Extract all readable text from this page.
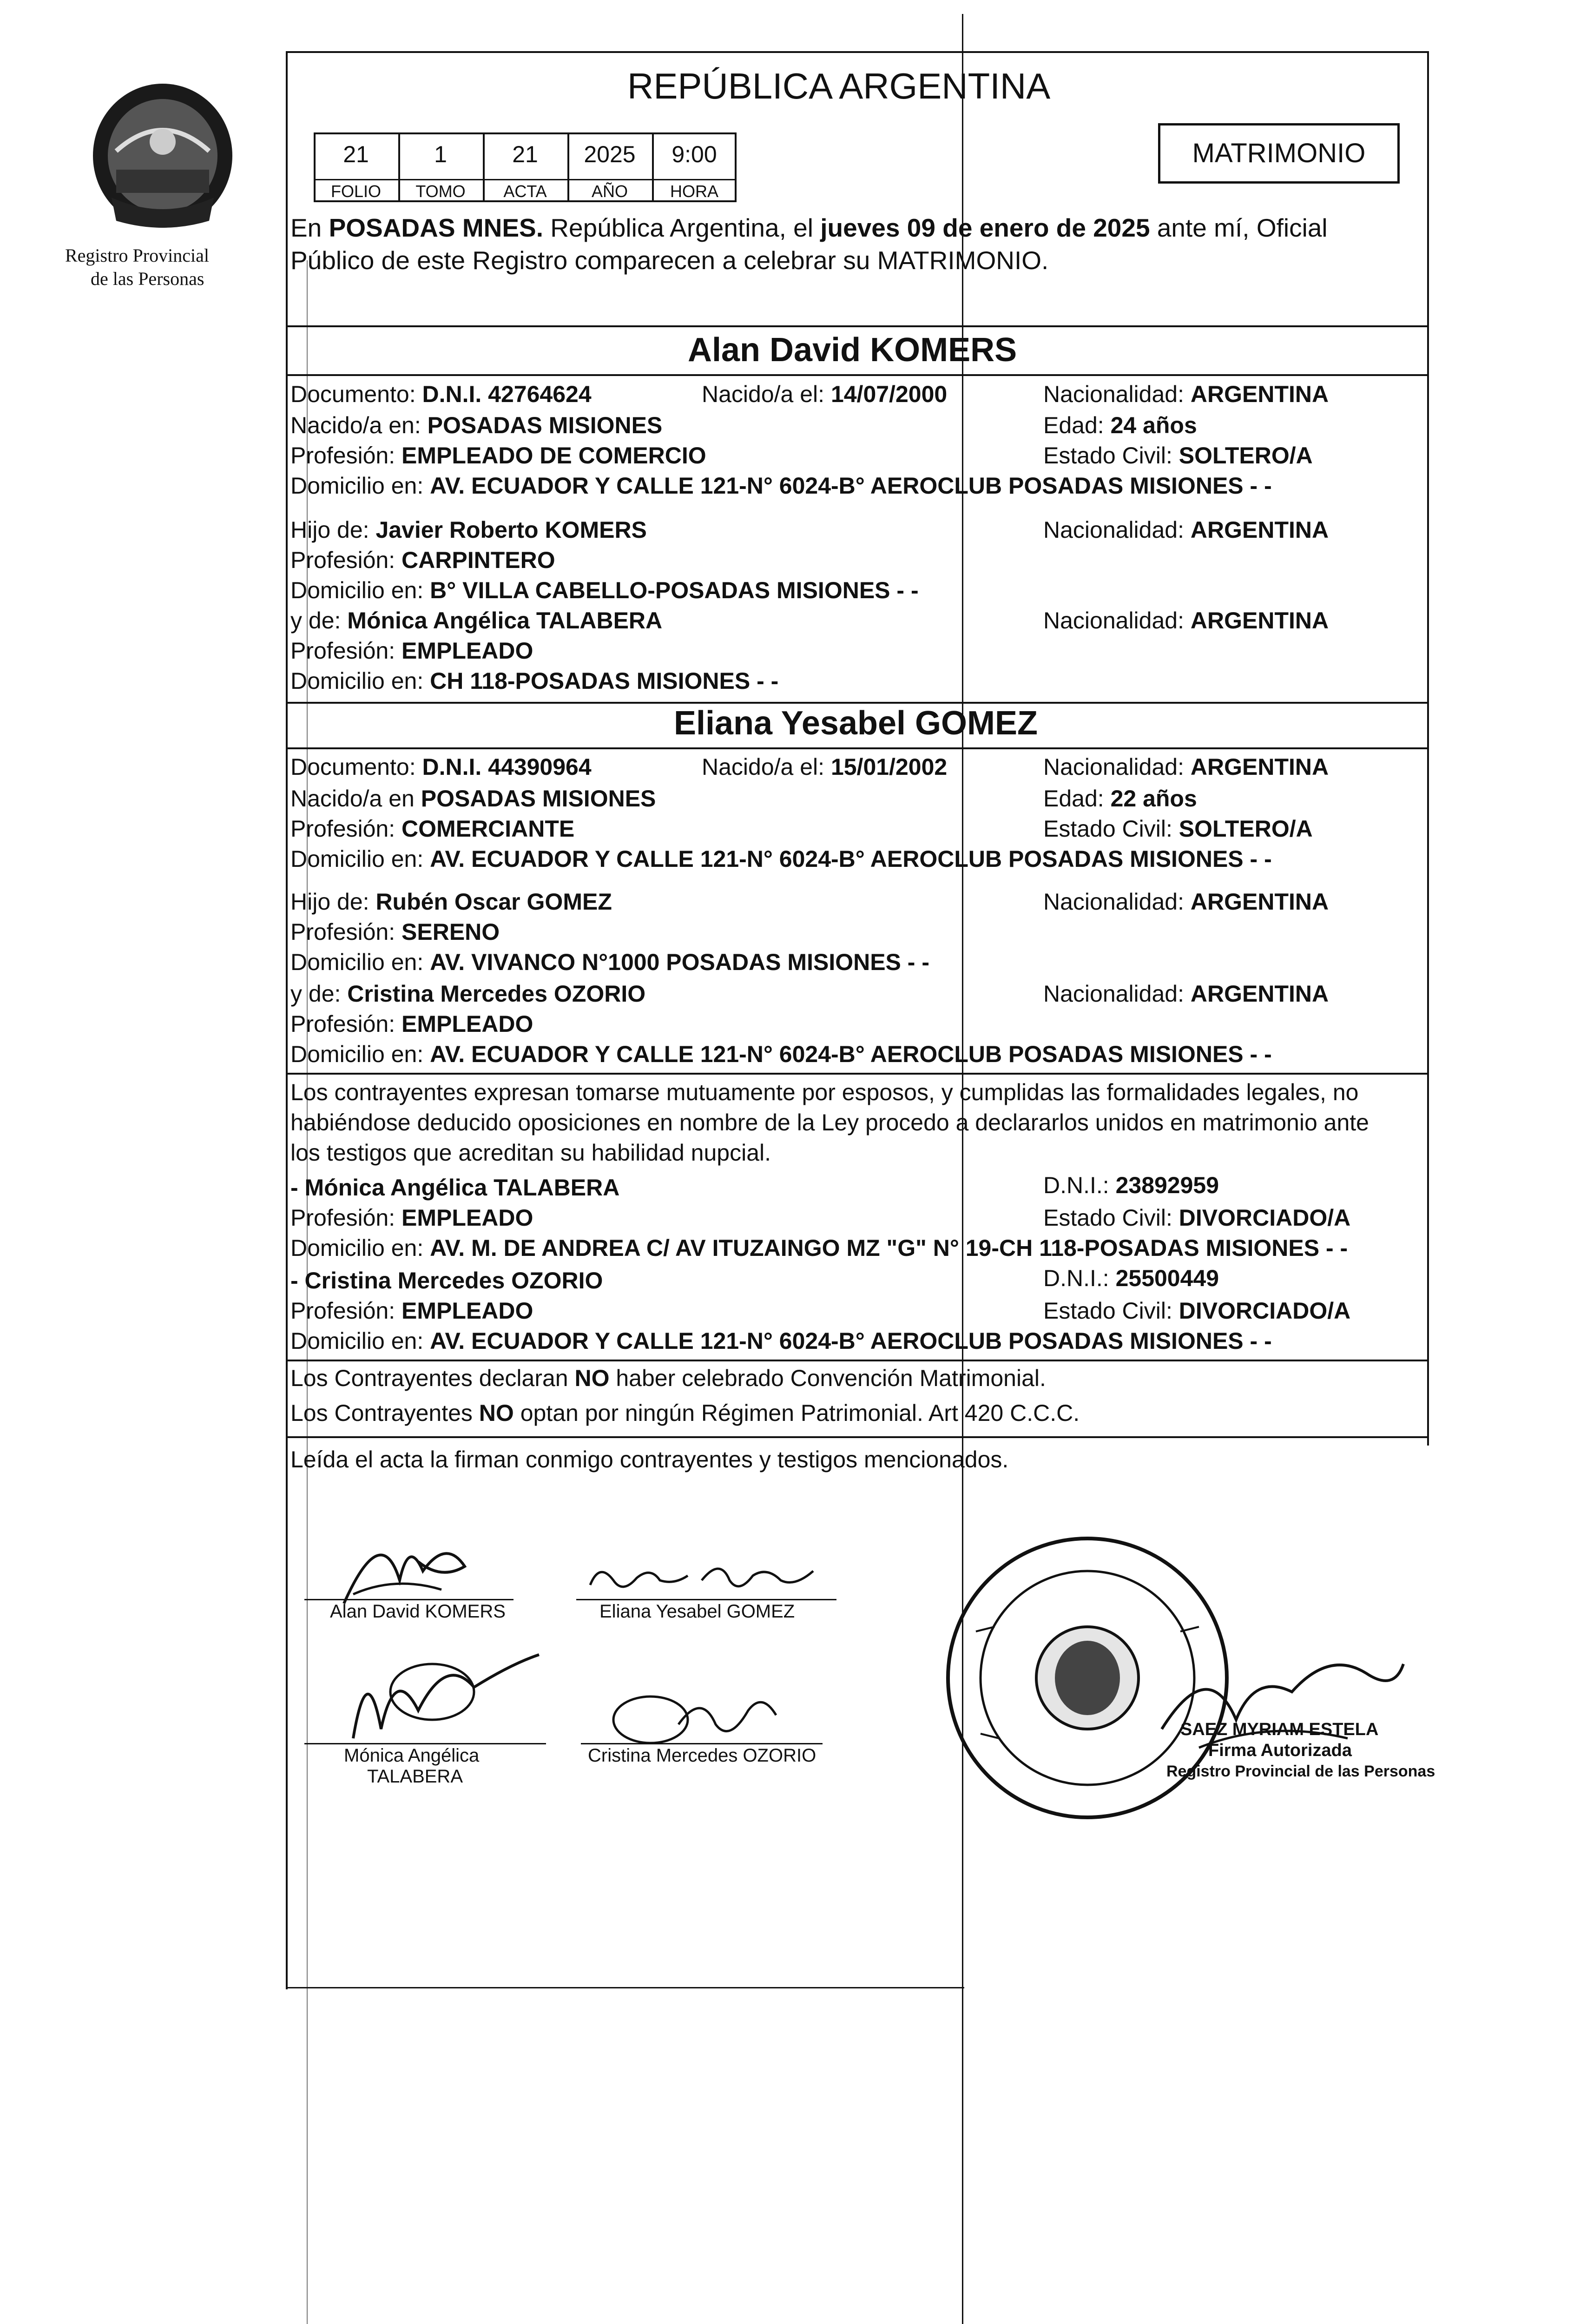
Registro Provincial
de las Personas
REPÚBLICA ARGENTINA
21	1	21	2025	9:00
FOLIO	TOMO	ACTA	AÑO	HORA
MATRIMONIO
En POSADAS MNES. República Argentina, el jueves 09 de enero de 2025 ante mí, Oficial
Público de este Registro comparecen a celebrar su MATRIMONIO.
Alan David KOMERS
Documento: D.N.I. 42764624	Nacido/a el: 14/07/2000	Nacionalidad: ARGENTINA
Nacido/a en: POSADAS MISIONES	Edad: 24 años
Profesión: EMPLEADO DE COMERCIO	Estado Civil: SOLTERO/A
Domicilio en: AV. ECUADOR Y CALLE 121-N° 6024-B° AEROCLUB POSADAS MISIONES - -
Hijo de: Javier Roberto KOMERS	Nacionalidad: ARGENTINA
Profesión: CARPINTERO
Domicilio en: B° VILLA CABELLO-POSADAS MISIONES - -
y de: Mónica Angélica TALABERA	Nacionalidad: ARGENTINA
Profesión: EMPLEADO
Domicilio en: CH 118-POSADAS MISIONES - -
Eliana Yesabel GOMEZ
Documento: D.N.I. 44390964	Nacido/a el: 15/01/2002	Nacionalidad: ARGENTINA
Nacido/a en POSADAS MISIONES	Edad: 22 años
Profesión: COMERCIANTE	Estado Civil: SOLTERO/A
Domicilio en: AV. ECUADOR Y CALLE 121-N° 6024-B° AEROCLUB POSADAS MISIONES - -
Hijo de: Rubén Oscar GOMEZ	Nacionalidad: ARGENTINA
Profesión: SERENO
Domicilio en: AV. VIVANCO N°1000 POSADAS MISIONES - -
y de: Cristina Mercedes OZORIO	Nacionalidad: ARGENTINA
Profesión: EMPLEADO
Domicilio en: AV. ECUADOR Y CALLE 121-N° 6024-B° AEROCLUB POSADAS MISIONES - -
Los contrayentes expresan tomarse mutuamente por esposos, y cumplidas las formalidades legales, no
habiéndose deducido oposiciones en nombre de la Ley procedo a declararlos unidos en matrimonio ante
los testigos que acreditan su habilidad nupcial.
- Mónica Angélica TALABERA	D.N.I.: 23892959
Profesión: EMPLEADO	Estado Civil: DIVORCIADO/A
Domicilio en: AV. M. DE ANDREA C/ AV ITUZAINGO MZ "G" N° 19-CH 118-POSADAS MISIONES - -
- Cristina Mercedes OZORIO	D.N.I.: 25500449
Profesión: EMPLEADO	Estado Civil: DIVORCIADO/A
Domicilio en: AV. ECUADOR Y CALLE 121-N° 6024-B° AEROCLUB POSADAS MISIONES - -
Los Contrayentes declaran NO haber celebrado Convención Matrimonial.
Los Contrayentes NO optan por ningún Régimen Patrimonial. Art 420 C.C.C.
Leída el acta la firman conmigo contrayentes y testigos mencionados.
Alan David KOMERS	Eliana Yesabel GOMEZ
Mónica Angélica
TALABERA
Cristina Mercedes OZORIO
SAEZ MYRIAM ESTELA
Firma Autorizada
Registro Provincial de las Personas
